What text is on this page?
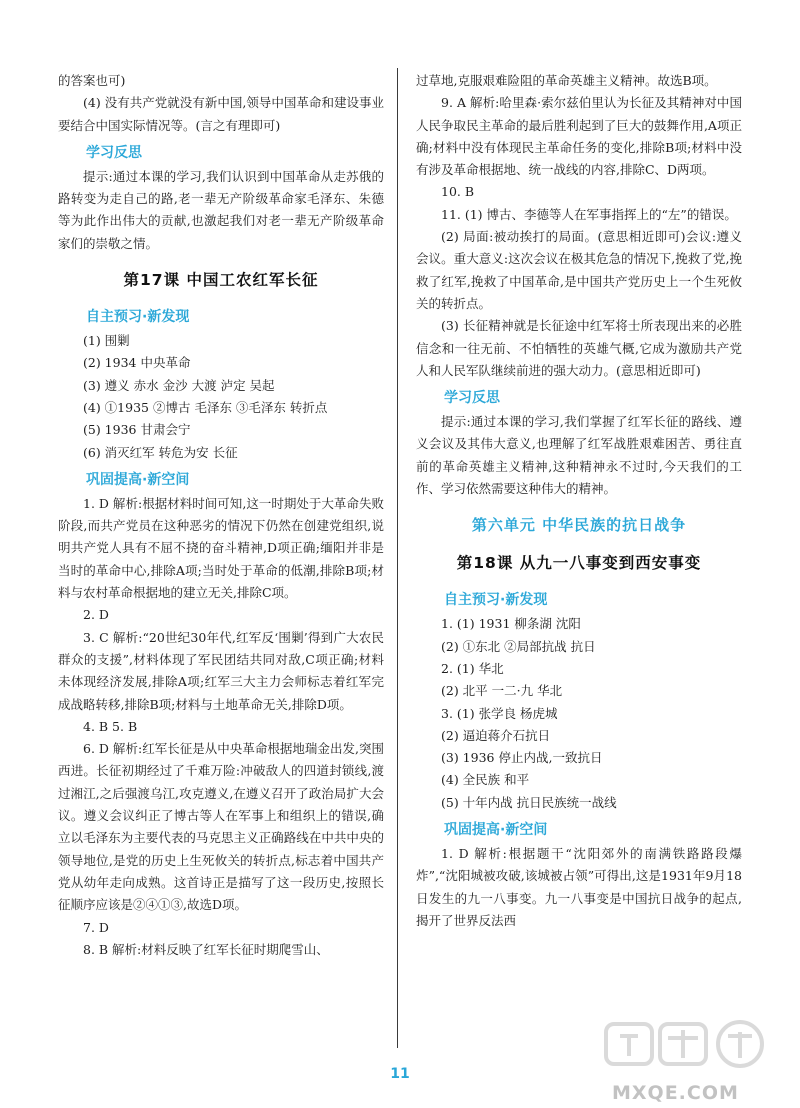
的答案也可)

(4) 没有共产党就没有新中国,领导中国革命和建设事业要结合中国实际情况等。(言之有理即可)

学习反思

提示:通过本课的学习,我们认识到中国革命从走苏俄的路转变为走自己的路,老一辈无产阶级革命家毛泽东、朱德等为此作出伟大的贡献,也激起我们对老一辈无产阶级革命家们的崇敬之情。

第17课 中国工农红军长征
自主预习·新发现

(1) 围剿

(2) 1934 中央革命

(3) 遵义 赤水 金沙 大渡 泸定 吴起

(4) ①1935 ②博古 毛泽东 ③毛泽东 转折点

(5) 1936 甘肃会宁

(6) 消灭红军 转危为安 长征

巩固提高·新空间

1. D 解析:根据材料时间可知,这一时期处于大革命失败阶段,而共产党员在这种恶劣的情况下仍然在创建党组织,说明共产党人具有不屈不挠的奋斗精神,D项正确;缅阳并非是当时的革命中心,排除A项;当时处于革命的低潮,排除B项;材料与农村革命根据地的建立无关,排除C项。

2. D

3. C 解析:“20世纪30年代,红军反‘围剿’得到广大农民群众的支援”,材料体现了军民团结共同对敌,C项正确;材料未体现经济发展,排除A项;红军三大主力会师标志着红军完成战略转移,排除B项;材料与土地革命无关,排除D项。

4. B 5. B

6. D 解析:红军长征是从中央革命根据地瑞金出发,突围西进。长征初期经过了千难万险:冲破敌人的四道封锁线,渡过湘江,之后强渡乌江,攻克遵义,在遵义召开了政治局扩大会议。遵义会议纠正了博古等人在军事上和组织上的错误,确立以毛泽东为主要代表的马克思主义正确路线在中共中央的领导地位,是党的历史上生死攸关的转折点,标志着中国共产党从幼年走向成熟。这首诗正是描写了这一段历史,按照长征顺序应该是②④①③,故选D项。

7. D

8. B 解析:材料反映了红军长征时期爬雪山、

过草地,克服艰难险阻的革命英雄主义精神。故选B项。

9. A 解析:哈里森·索尔兹伯里认为长征及其精神对中国人民争取民主革命的最后胜利起到了巨大的鼓舞作用,A项正确;材料中没有体现民主革命任务的变化,排除B项;材料中没有涉及革命根据地、统一战线的内容,排除C、D两项。

10. B

11. (1) 博古、李德等人在军事指挥上的“左”的错误。

(2) 局面:被动挨打的局面。(意思相近即可)会议:遵义会议。重大意义:这次会议在极其危急的情况下,挽救了党,挽救了红军,挽救了中国革命,是中国共产党历史上一个生死攸关的转折点。

(3) 长征精神就是长征途中红军将士所表现出来的必胜信念和一往无前、不怕牺牲的英雄气概,它成为激励共产党人和人民军队继续前进的强大动力。(意思相近即可)

学习反思

提示:通过本课的学习,我们掌握了红军长征的路线、遵义会议及其伟大意义,也理解了红军战胜艰难困苦、勇往直前的革命英雄主义精神,这种精神永不过时,今天我们的工作、学习依然需要这种伟大的精神。

第六单元 中华民族的抗日战争
第18课 从九一八事变到西安事变
自主预习·新发现

1. (1) 1931 柳条湖 沈阳

(2) ①东北 ②局部抗战 抗日

2. (1) 华北

(2) 北平 一二·九 华北

3. (1) 张学良 杨虎城

(2) 逼迫蒋介石抗日

(3) 1936 停止内战,一致抗日

(4) 全民族 和平

(5) 十年内战 抗日民族统一战线

巩固提高·新空间

1. D 解析:根据题干“沈阳郊外的南满铁路路段爆炸”,“沈阳城被攻破,该城被占领”可得出,这是1931年9月18日发生的九一八事变。九一八事变是中国抗日战争的起点,揭开了世界反法西

11
MXQE.COM
